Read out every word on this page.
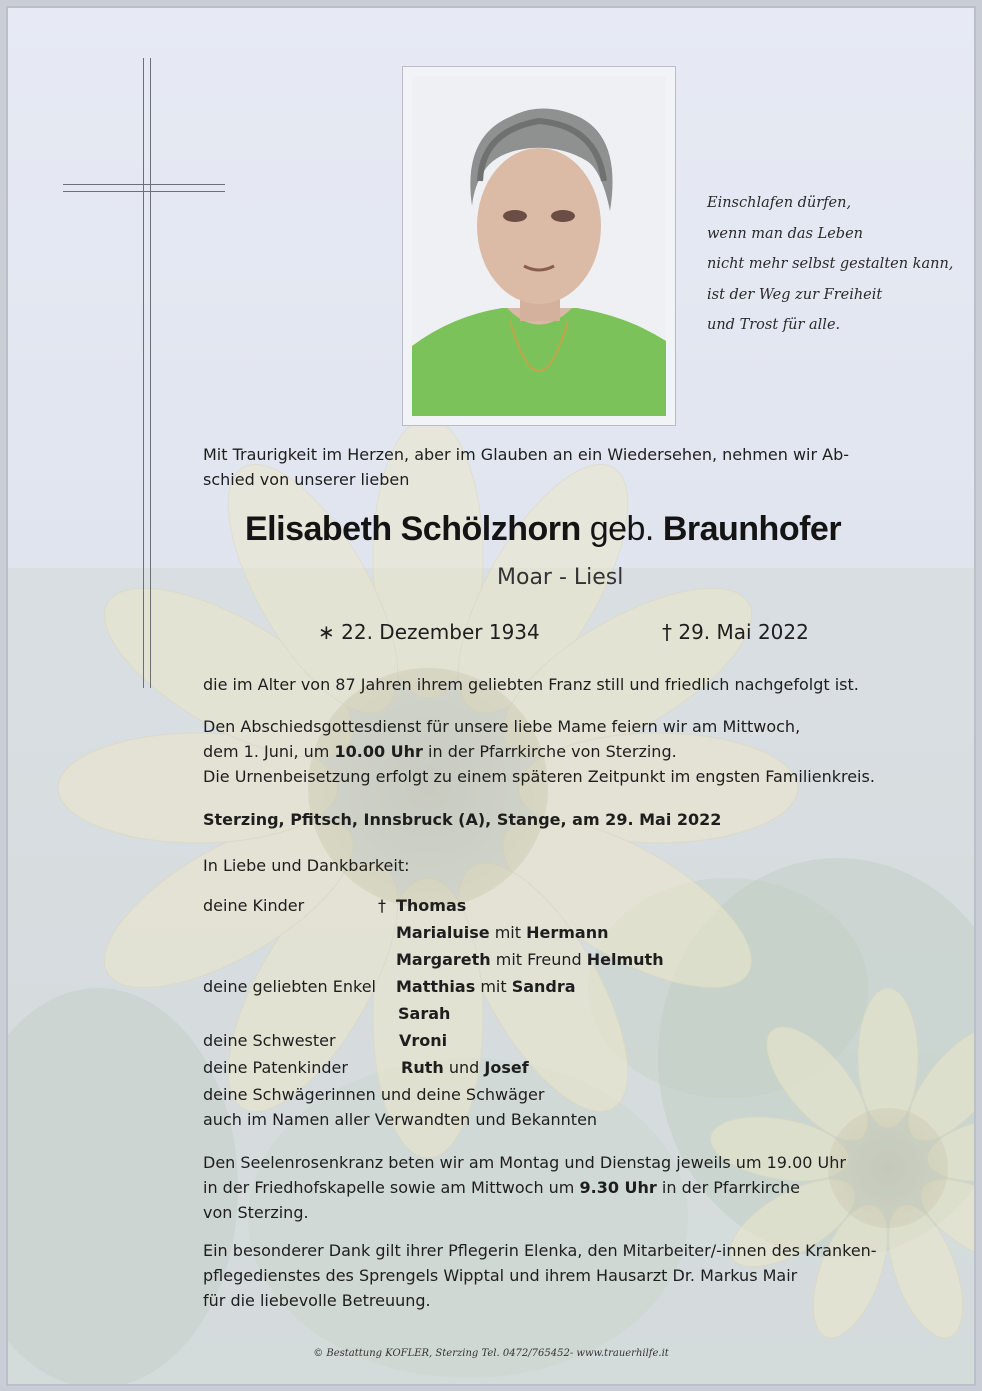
Einschlafen dürfen,
wenn man das Leben
nicht mehr selbst gestalten kann,
ist der Weg zur Freiheit
und Trost für alle.
Mit Traurigkeit im Herzen, aber im Glauben an ein Wiedersehen, nehmen wir Ab-
schied von unserer lieben
Elisabeth Schölzhorn geb. Braunhofer
Moar - Liesl
∗ 22. Dezember 1934	† 29. Mai 2022
die im Alter von 87 Jahren ihrem geliebten Franz still und friedlich nachgefolgt ist.
Den Abschiedsgottesdienst für unsere liebe Mame feiern wir am Mittwoch,
dem 1. Juni, um 10.00 Uhr in der Pfarrkirche von Sterzing.
Die Urnenbeisetzung erfolgt zu einem späteren Zeitpunkt im engsten Familienkreis.
Sterzing, Pfitsch, Innsbruck (A), Stange, am 29. Mai 2022
In Liebe und Dankbarkeit:
deine Kinder	† Thomas
Marialuise mit Hermann
Margareth mit Freund Helmuth
deine geliebten Enkel Matthias mit Sandra
Sarah
deine Schwester	Vroni
deine Patenkinder	Ruth und Josef
deine Schwägerinnen und deine Schwäger
auch im Namen aller Verwandten und Bekannten
Den Seelenrosenkranz beten wir am Montag und Dienstag jeweils um 19.00 Uhr
in der Friedhofskapelle sowie am Mittwoch um 9.30 Uhr in der Pfarrkirche
von Sterzing.
Ein besonderer Dank gilt ihrer Pflegerin Elenka, den Mitarbeiter/-innen des Kranken-
pflegedienstes des Sprengels Wipptal und ihrem Hausarzt Dr. Markus Mair
für die liebevolle Betreuung.
© Bestattung KOFLER, Sterzing Tel. 0472/765452- www.trauerhilfe.it
